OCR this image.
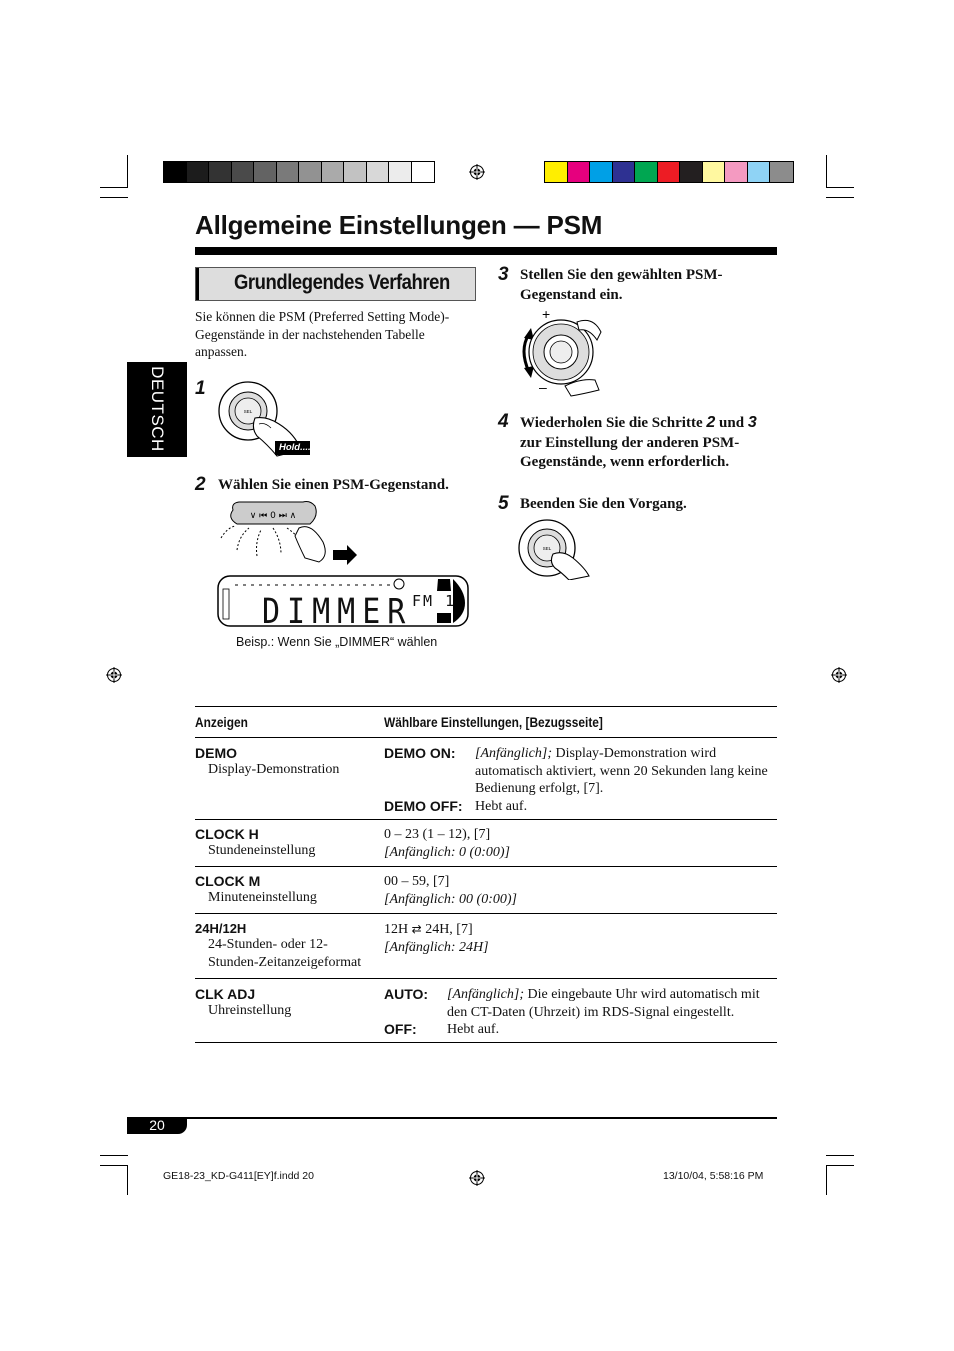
Allgemeine Einstellungen — PSM
Grundlegendes Verfahren
Sie können die PSM (Preferred Setting Mode)-Gegenstände in der nachstehenden Tabelle anpassen.
DEUTSCH 1
SEL
Hold....
2 Wählen Sie einen PSM-Gegenstand.
∨ ⏮ 0 ⏭ ∧
DIMMER FM 1
Beisp.: Wenn Sie „DIMMER“ wählen
3 Stellen Sie den gewählten PSM-Gegenstand ein.
+
–
4 Wiederholen Sie die Schritte 2 und 3 zur Einstellung der anderen PSM-Gegenstände, wenn erforderlich.
5 Beenden Sie den Vorgang.
SEL
Anzeigen	Wählbare Einstellungen, [Bezugsseite]
DEMO
Display-Demonstration
DEMO ON: [Anfänglich]; Display-Demonstration wird automatisch aktiviert, wenn 20 Sekunden lang keine Bedienung erfolgt, [7].
DEMO OFF: Hebt auf.
CLOCK H
Stundeneinstellung
0 – 23 (1 – 12), [7]
[Anfänglich: 0 (0:00)]
CLOCK M
Minuteneinstellung
00 – 59, [7]
[Anfänglich: 00 (0:00)]
24H/12H
24-Stunden- oder 12-Stunden-Zeitanzeigeformat
12H ⇄ 24H, [7]
[Anfänglich: 24H]
CLK ADJ
Uhreinstellung
AUTO: [Anfänglich]; Die eingebaute Uhr wird automatisch mit den CT-Daten (Uhrzeit) im RDS-Signal eingestellt.
OFF: Hebt auf.
20
GE18-23_KD-G411[EY]f.indd 20	13/10/04, 5:58:16 PM
